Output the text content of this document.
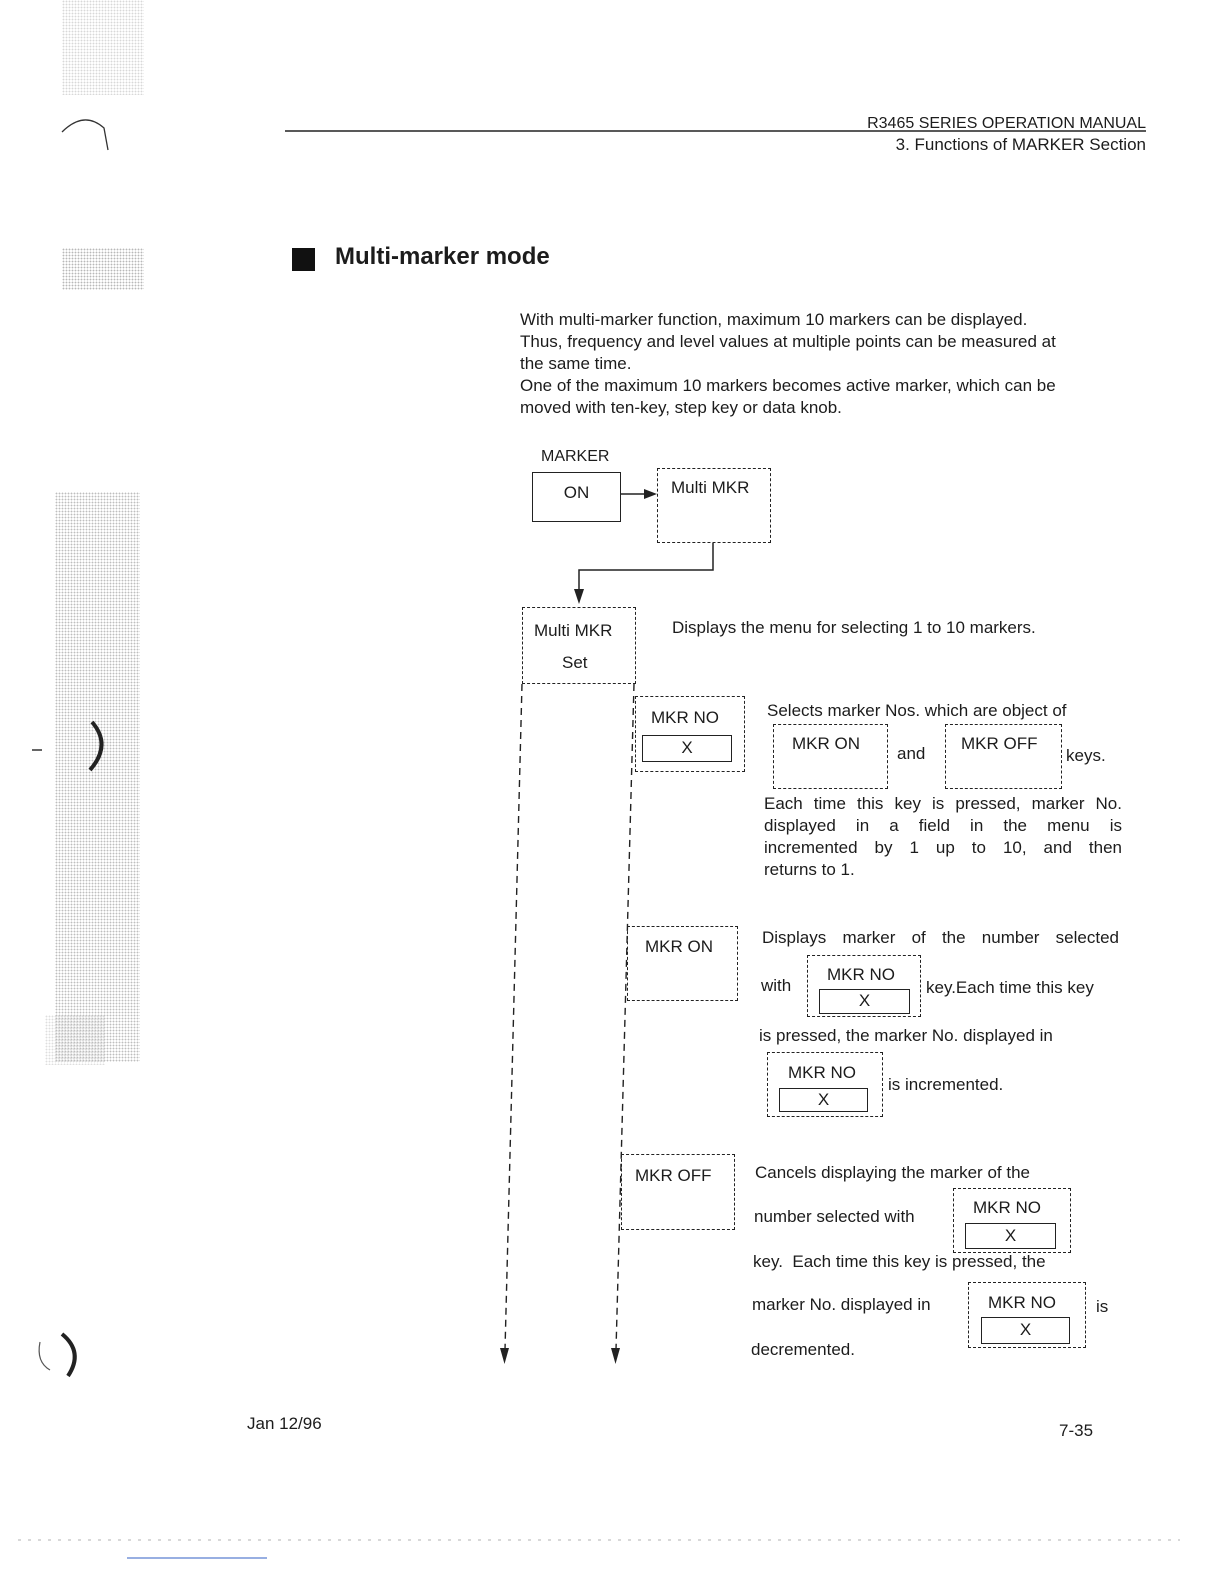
R3465 SERIES OPERATION MANUAL
3. Functions of MARKER Section
Multi-marker mode
With multi-marker function, maximum 10 markers can be displayed.
Thus, frequency and level values at multiple points can be measured at
the same time.
One of the maximum 10 markers becomes active marker, which can be
moved with ten-key, step key or data knob.
MARKER
ON	Multi MKR
Multi MKR
Set
Displays the menu for selecting 1 to 10 markers.
MKR NO
X
Selects marker Nos. which are object of
MKR ON
and
MKR OFF
keys.
Each time this key is pressed, marker No.
displayed in a field in the menu is
incremented by 1 up to 10, and then
returns to 1.
MKR ON	Displays marker of the number selected
with
MKR NO
X
key.Each time this key
is pressed, the marker No. displayed in
MKR NO
X
is incremented.
MKR OFF	Cancels displaying the marker of the
number selected with	MKR NO
X
key.  Each time this key is pressed, the
marker No. displayed in	MKR NO
X
is
decremented.
Jan 12/96	7-35
